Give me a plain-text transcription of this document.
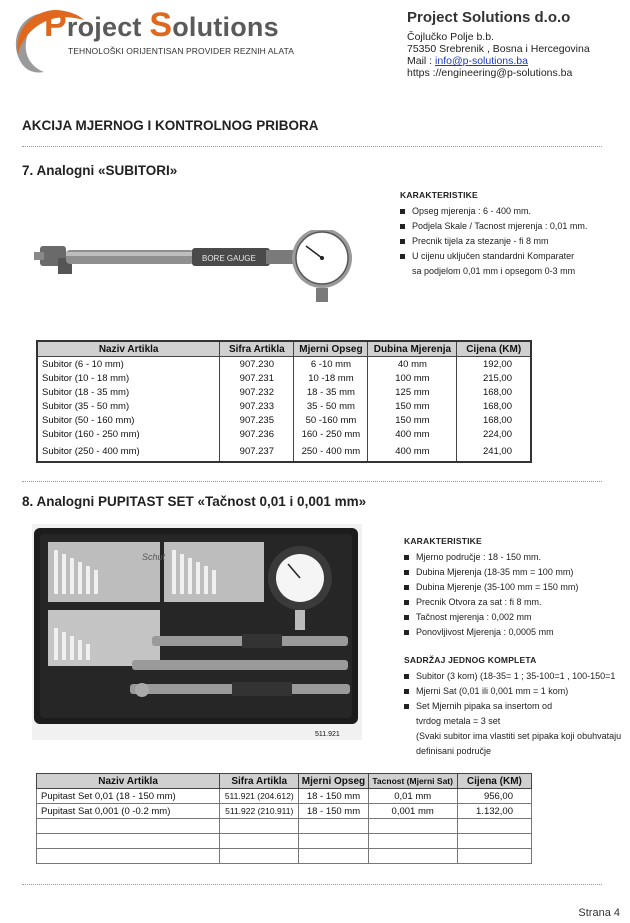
Project Solutions
TEHNOLOŠKI ORIJENTISAN PROVIDER REZNIH ALATA
Project Solutions d.o.o
Čojlučko Polje b.b.
75350 Srebrenik , Bosna i Hercegovina
Mail : info@p-solutions.ba
https ://engineering@p-solutions.ba
AKCIJA MJERNOG I KONTROLNOG PRIBORA
7. Analogni «SUBITORI»
BORE GAUGE
KARAKTERISTIKE
Opseg mjerenja : 6 - 400 mm.
Podjela Skale / Tacnost mjerenja : 0,01 mm.
Precnik tijela za stezanje - fi 8 mm
U cijenu uključen standardni Komparater
sa podjelom 0,01 mm i opsegom 0-3 mm
Naziv Artikla	Sifra Artikla	Mjerni Opseg	Dubina Mjerenja	Cijena (KM)
Subitor (6 - 10 mm)	907.230	6 -10 mm	40 mm	192,00
Subitor (10 - 18 mm)	907.231	10 -18 mm	100 mm	215,00
Subitor (18 - 35 mm)	907.232	18 - 35 mm	125 mm	168,00
Subitor (35 - 50 mm)	907.233	35 - 50 mm	150 mm	168,00
Subitor (50 - 160 mm)	907.235	50 -160 mm	150 mm	168,00
Subitor (160 - 250 mm)	907.236	160 - 250 mm	400 mm	224,00
Subitor (250 - 400 mm)	907.237	250 - 400 mm	400 mm	241,00
8. Analogni PUPITAST SET «Tačnost 0,01 i 0,001 mm»
Schut
511.921
KARAKTERISTIKE
Mjerno područje : 18 - 150 mm.
Dubina Mjerenja (18-35 mm = 100 mm)
Dubina Mjerenje (35-100 mm = 150 mm)
Precnik Otvora za sat : fi 8 mm.
Tačnost mjerenja : 0,002 mm
Ponovljivost Mjerenja : 0,0005 mm
SADRŽAJ JEDNOG KOMPLETA
Subitor (3 kom) (18-35= 1 ; 35-100=1 , 100-150=1
Mjerni Sat (0,01 ili 0,001 mm = 1 kom)
Set Mjernih pipaka sa insertom od
tvrdog metala = 3 set
(Svaki subitor ima vlastiti set pipaka koji obuhvataju
definisani područje
Naziv Artikla	Sifra Artikla	Mjerni Opseg	Tacnost (Mjerni Sat)	Cijena (KM)
Pupitast Set 0,01 (18 - 150 mm)	511.921 (204.612)	18 - 150 mm	0,01 mm	956,00
Pupitast Sat 0,001 (0 -0.2 mm)	511.922 (210.911)	18 - 150 mm	0,001 mm	1.132,00

Strana 4
